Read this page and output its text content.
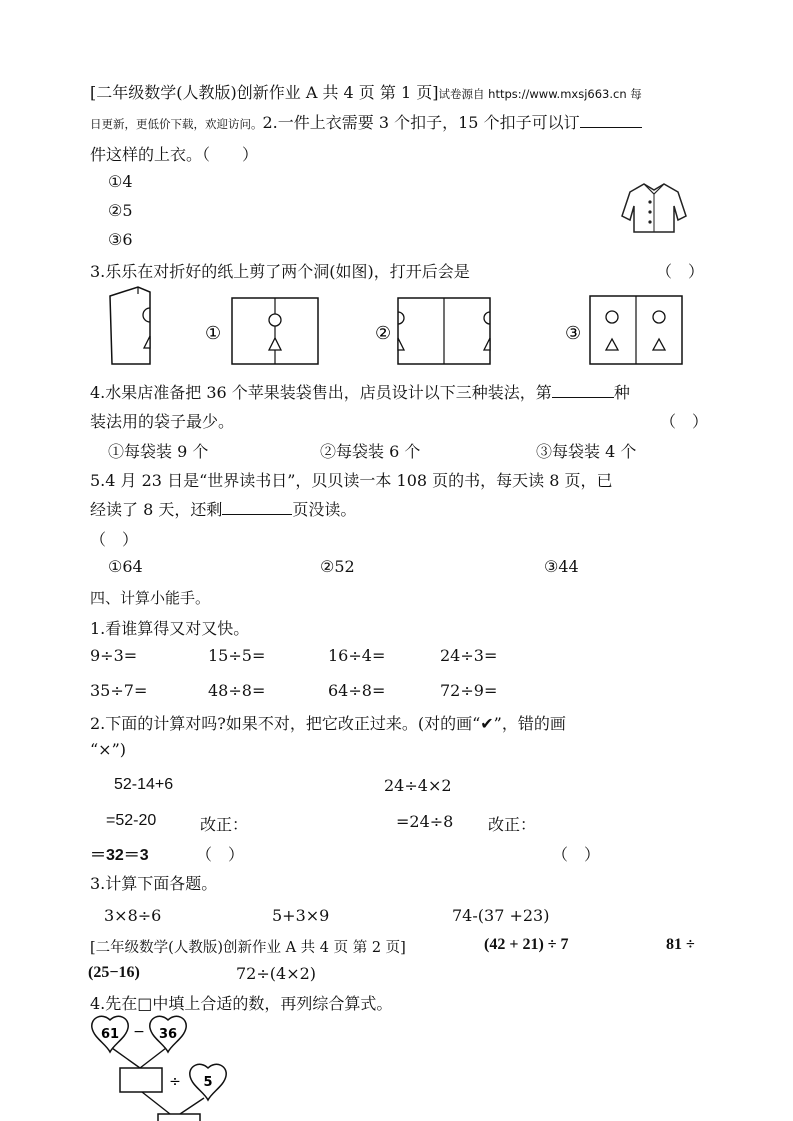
[二年级数学(人教版)创新作业 A 共 4 页 第 1 页]试卷源自 https://www.mxsj663.cn 每
日更新，更低价下载，欢迎访问。2.一件上衣需要 3 个扣子，15 个扣子可以订
件这样的上衣。（　　）
①4
②5
③6
3.乐乐在对折好的纸上剪了两个洞(如图)，打开后会是	（　）
①	②	③
4.水果店准备把 36 个苹果装袋售出，店员设计以下三种装法，第	种
装法用的袋子最少。	（　）
①每袋装 9 个	②每袋装 6 个	③每袋装 4 个
5.4 月 23 日是“世界读书日”，贝贝读一本 108 页的书，每天读 8 页，已
经读了 8 天，还剩	页没读。
（　）
①64	②52	③44
四、计算小能手。
1.看谁算得又对又快。
9÷3=	15÷5=	16÷4=	24÷3=
35÷7=	48÷8=	64÷8=	72÷9=
2.下面的计算对吗?如果不对，把它改正过来。(对的画“✔”，错的画
“×”)
52-14+6	24÷4×2
=52-20	改正：	=24÷8 改正：
＝32＝3	（　）	（　）
3.计算下面各题。
3×8÷6	5+3×9	74-(37 +23)
[二年级数学(人教版)创新作业 A 共 4 页 第 2 页]	(42 + 21) ÷ 7	81 ÷
(25−16)	72÷(4×2)
4.先在□中填上合适的数，再列综合算式。
61 − 36
÷ 5
